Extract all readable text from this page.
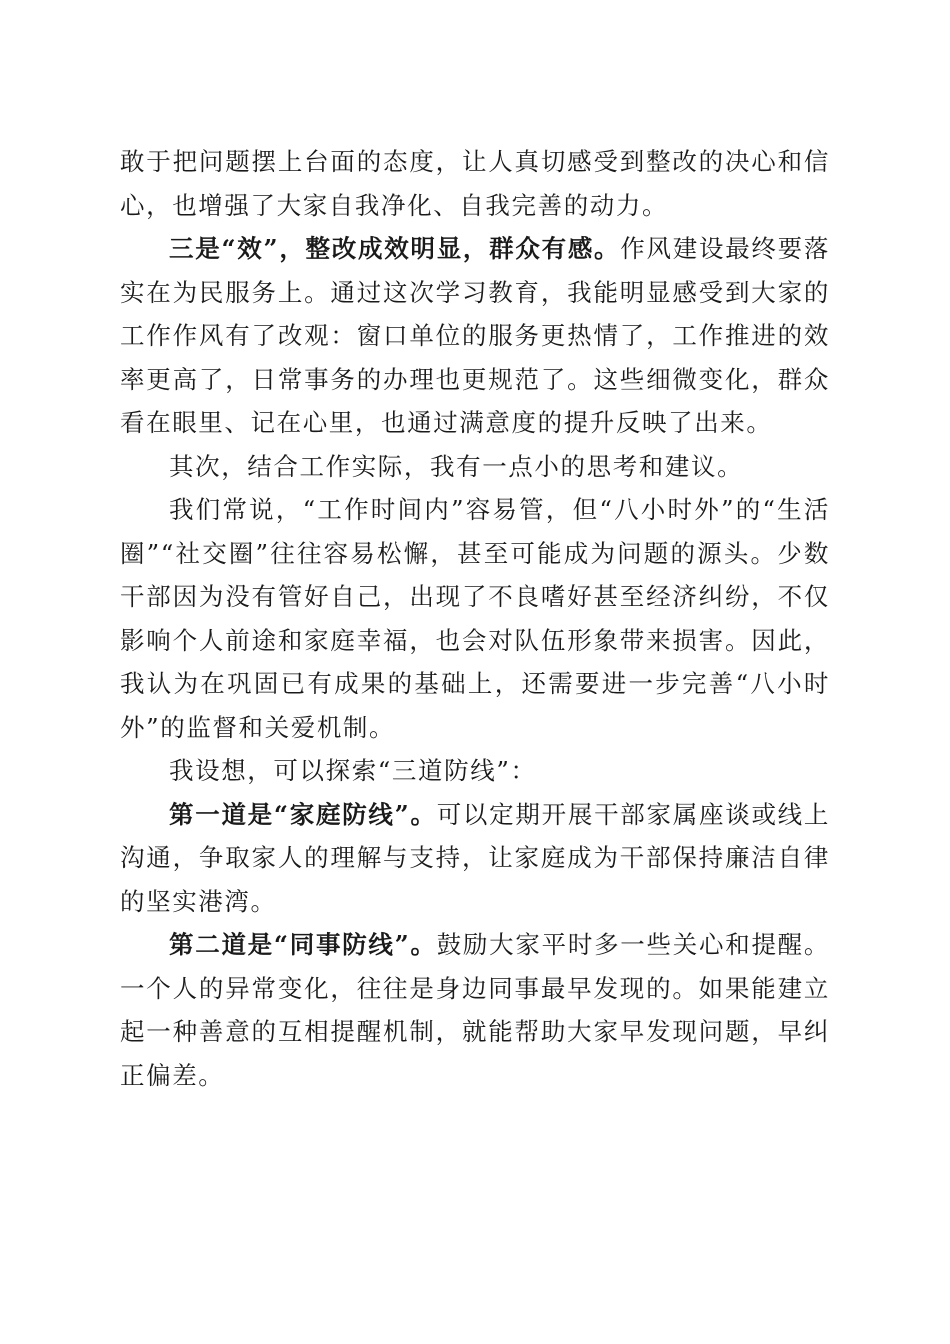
敢于把问题摆上台面的态度，让人真切感受到整改的决心和信心，也增强了大家自我净化、自我完善的动力。

三是“效”，整改成效明显，群众有感。作风建设最终要落实在为民服务上。通过这次学习教育，我能明显感受到大家的工作作风有了改观：窗口单位的服务更热情了，工作推进的效率更高了，日常事务的办理也更规范了。这些细微变化，群众看在眼里、记在心里，也通过满意度的提升反映了出来。

其次，结合工作实际，我有一点小的思考和建议。

我们常说，“工作时间内”容易管，但“八小时外”的“生活圈”“社交圈”往往容易松懈，甚至可能成为问题的源头。少数干部因为没有管好自己，出现了不良嗜好甚至经济纠纷，不仅影响个人前途和家庭幸福，也会对队伍形象带来损害。因此，我认为在巩固已有成果的基础上，还需要进一步完善“八小时外”的监督和关爱机制。

我设想，可以探索“三道防线”：

第一道是“家庭防线”。可以定期开展干部家属座谈或线上沟通，争取家人的理解与支持，让家庭成为干部保持廉洁自律的坚实港湾。

第二道是“同事防线”。鼓励大家平时多一些关心和提醒。一个人的异常变化，往往是身边同事最早发现的。如果能建立起一种善意的互相提醒机制，就能帮助大家早发现问题，早纠正偏差。
